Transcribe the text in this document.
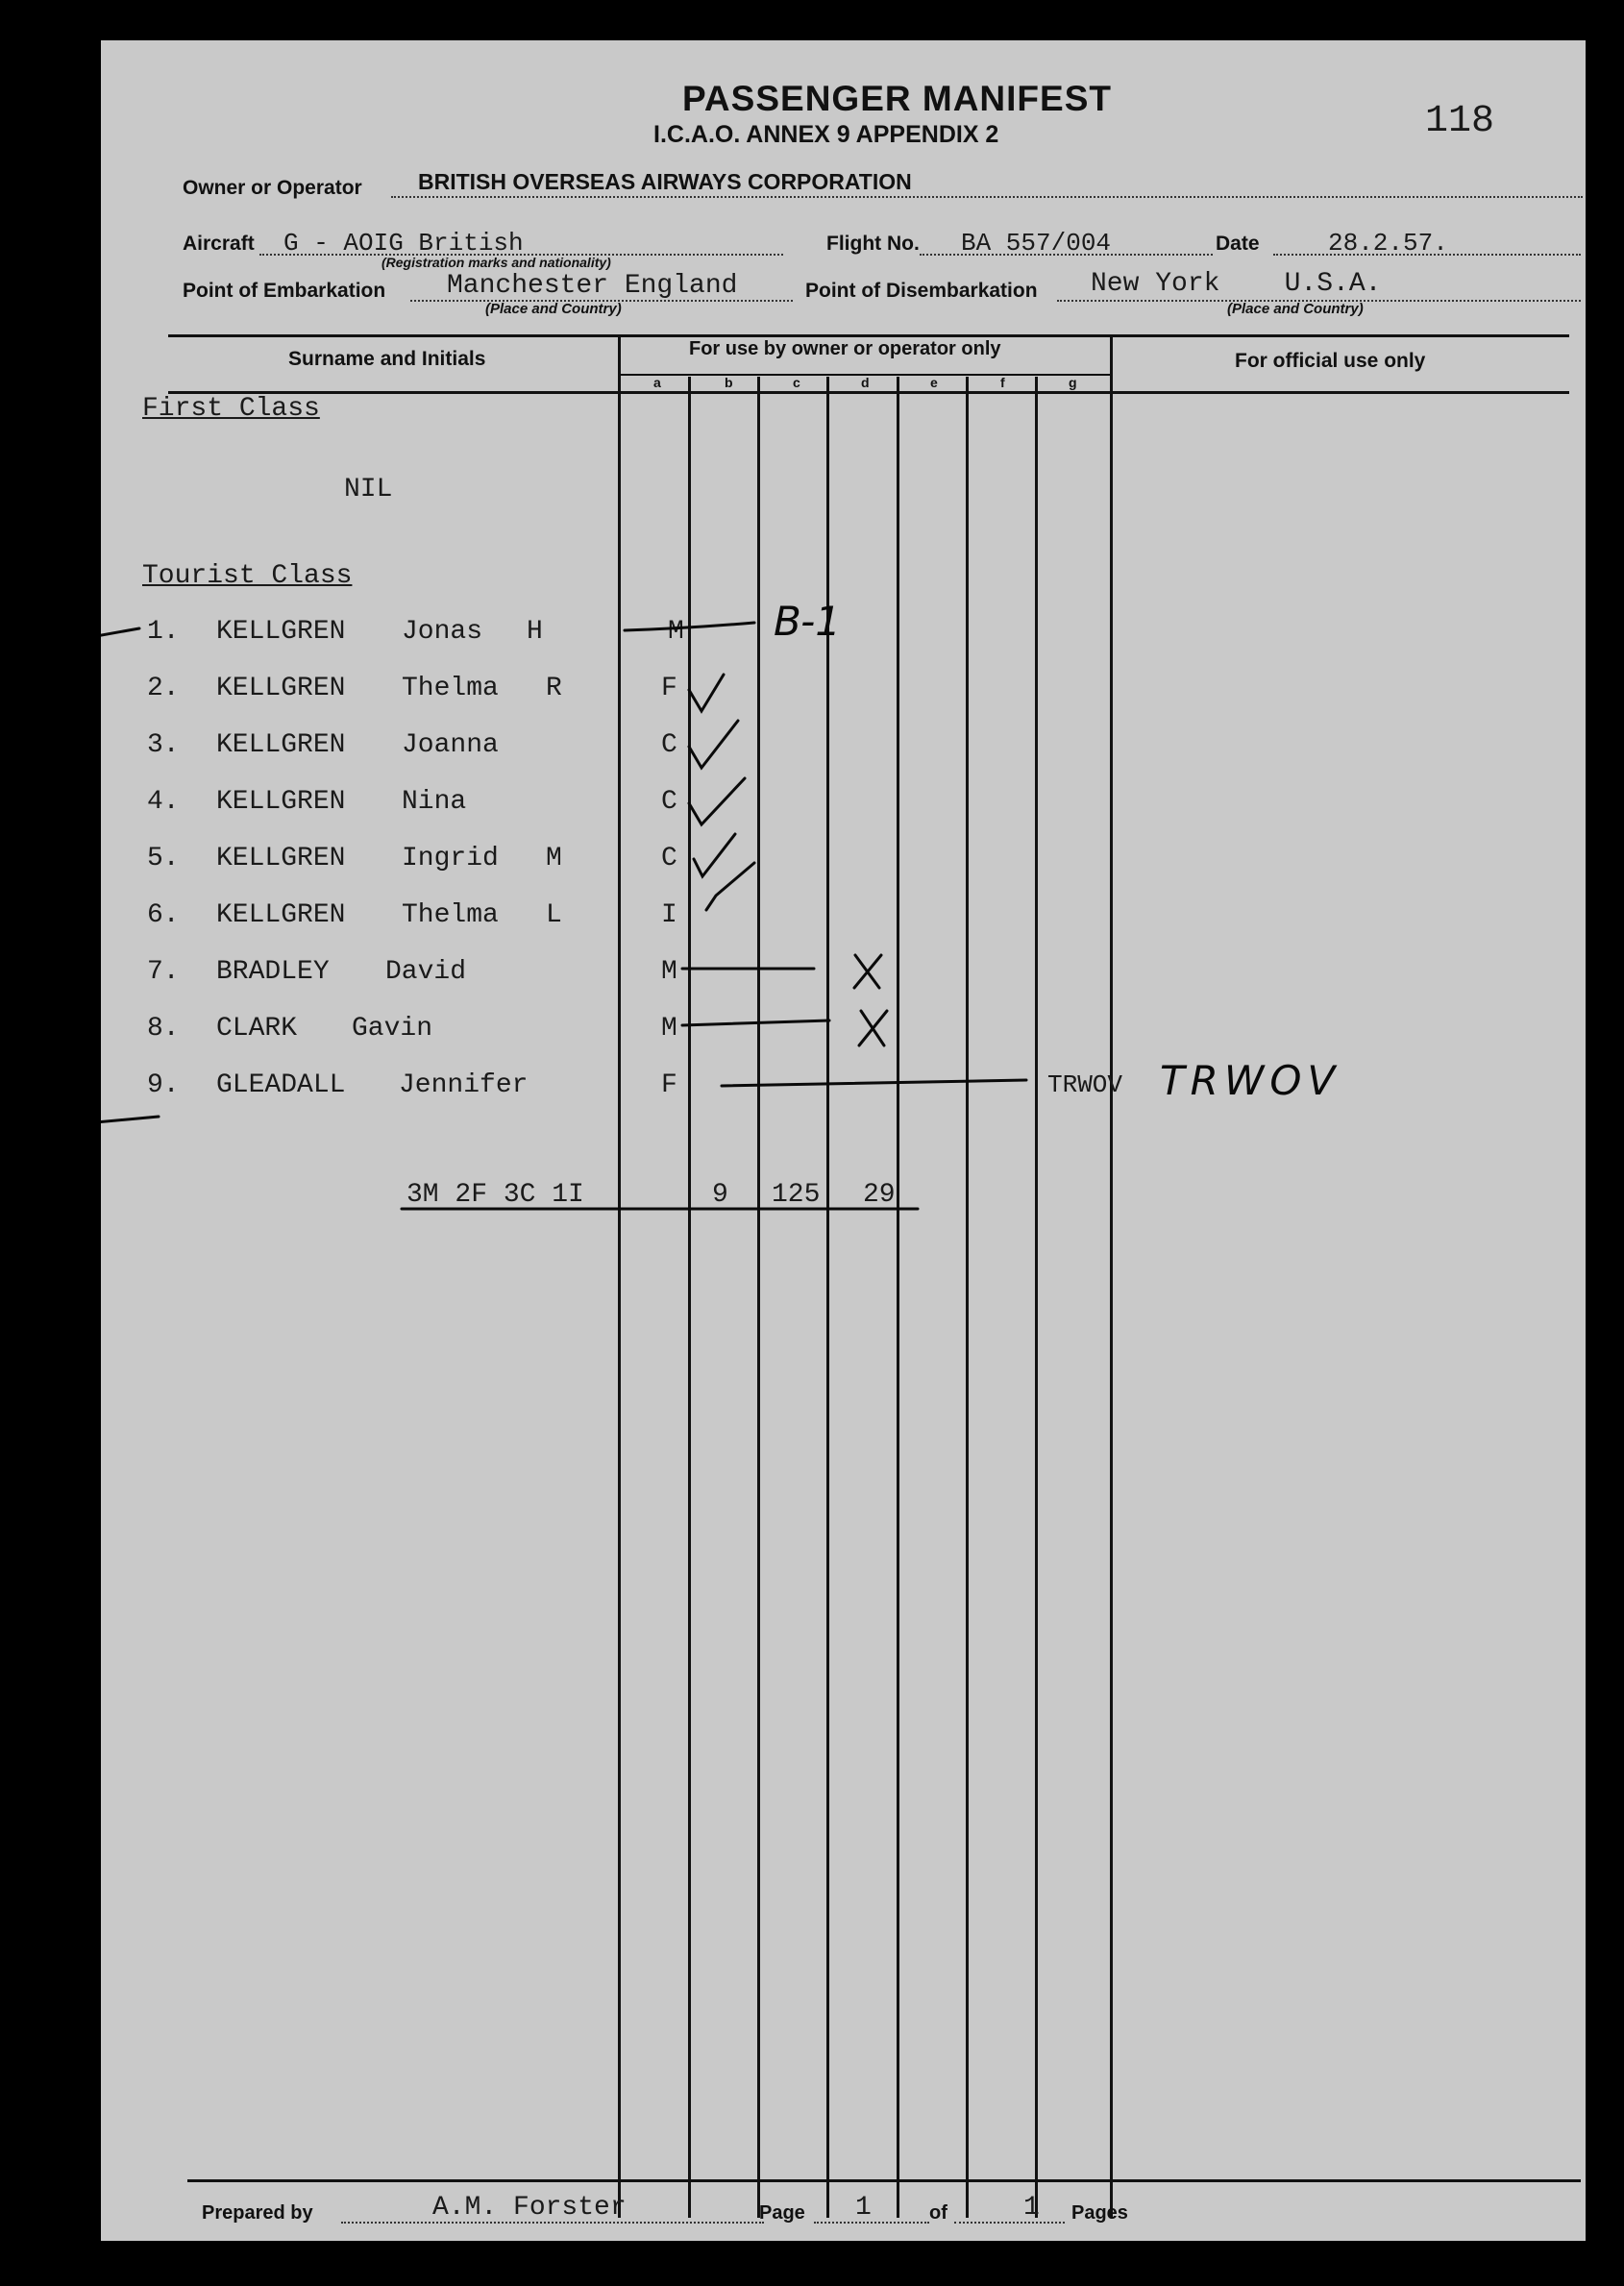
PASSENGER MANIFEST
I.C.A.O. ANNEX 9 APPENDIX 2	118
Owner or Operator	BRITISH OVERSEAS AIRWAYS CORPORATION
Aircraft G - AOIG British
(Registration marks and nationality)
Flight No. BA 557/004	Date	28.2.57.
Point of Embarkation Manchester England
(Place and Country)
Point of Disembarkation New York    U.S.A.
(Place and Country)
Surname and Initials	For use by owner or operator only
For official use only
a	b	c	d	e	f	g
First Class
NIL
Tourist Class
1. KELLGREN Jonas H	M
2. KELLGREN Thelma R	F
3. KELLGREN Joanna	C
4. KELLGREN Nina	C
5. KELLGREN Ingrid M	C
6. KELLGREN Thelma L	I
7. BRADLEY David	M
8. CLARK Gavin	M
9. GLEADALL Jennifer	F
B-1
TRWOV TRWOV
3M 2F 3C 1I	9 125 29
Prepared by	A.M. Forster	Page 1	of	1 Pages
